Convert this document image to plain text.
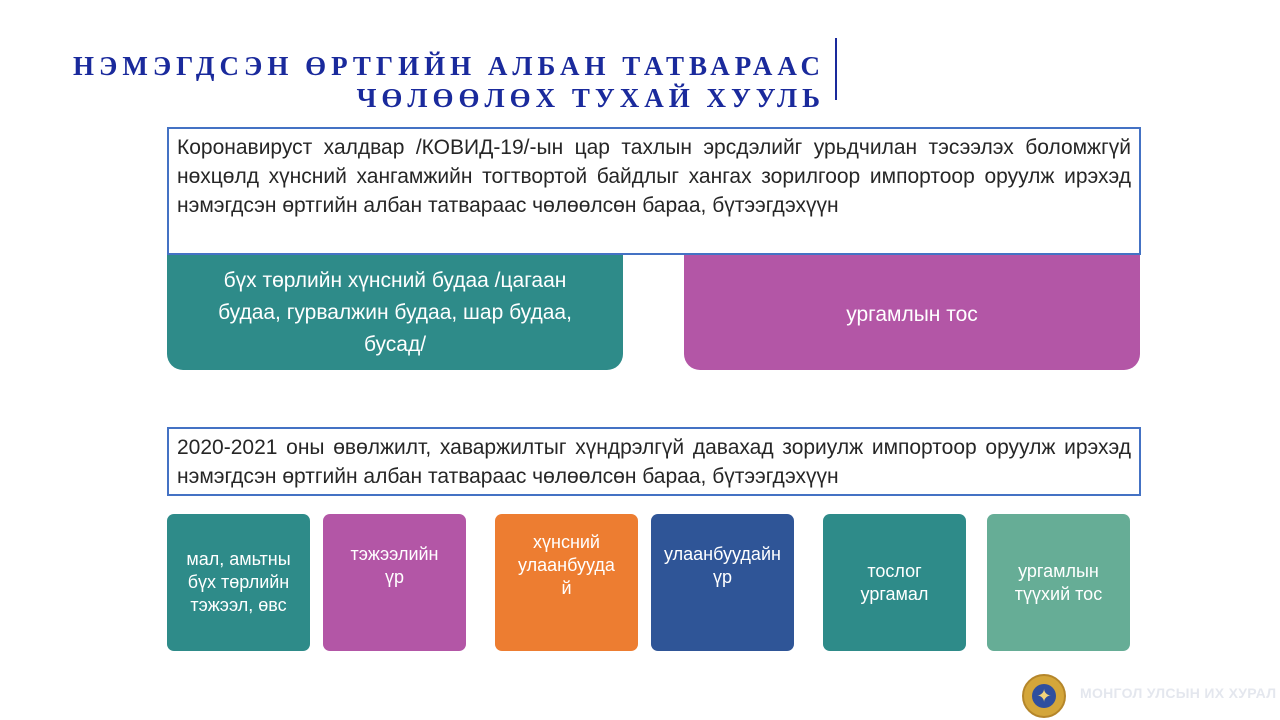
НЭМЭГДСЭН ӨРТГИЙН АЛБАН ТАТВАРААС
ЧӨЛӨӨЛӨХ ТУХАЙ ХУУЛЬ
Коронавируст халдвар /КОВИД-19/-ын цар тахлын эрсдэлийг урьдчилан тэсээлэх боломжгүй нөхцөлд хүнсний хангамжийн тогтвортой байдлыг хангах зорилгоор импортоор оруулж ирэхэд нэмэгдсэн өртгийн албан татвараас чөлөөлсөн бараа, бүтээгдэхүүн
бүх төрлийн хүнсний будаа /цагаан будаа, гурвалжин будаа, шар будаа, бусад/
ургамлын тос
2020-2021 оны өвөлжилт, хаваржилтыг хүндрэлгүй давахад зориулж импортоор оруулж ирэхэд нэмэгдсэн өртгийн албан татвараас чөлөөлсөн бараа, бүтээгдэхүүн
мал, амьтны
бүх төрлийн
тэжээл, өвс
тэжээлийн
үр
хүнсний
улаанбуудa
й
улаанбуудайн
үр	тослог
ургамал
ургамлын
түүхий тос
✦	МОНГОЛ УЛСЫН ИХ ХУРАЛ
